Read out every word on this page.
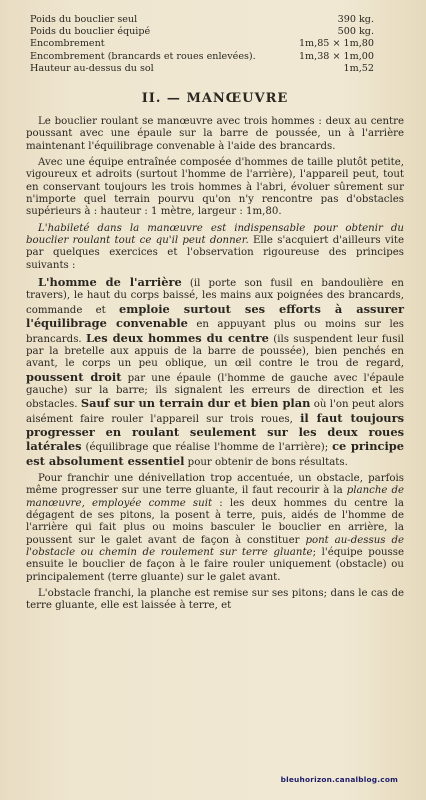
Poids du bouclier seul	390 kg.
Poids du bouclier équipé	500 kg.
Encombrement	1m,85 × 1m,80
Encombrement (brancards et roues enlevées).	1m,38 × 1m,00
Hauteur au-dessus du sol	1m,52
II. — MANŒUVRE

Le bouclier roulant se manœuvre avec trois hommes : deux au centre poussant avec une épaule sur la barre de poussée, un à l'arrière maintenant l'équilibrage convenable à l'aide des brancards.

Avec une équipe entraînée composée d'hommes de taille plutôt petite, vigoureux et adroits (surtout l'homme de l'arrière), l'appareil peut, tout en conservant toujours les trois hommes à l'abri, évoluer sûrement sur n'importe quel terrain pourvu qu'on n'y rencontre pas d'obstacles supérieurs à : hauteur : 1 mètre, largeur : 1m,80.

L'habileté dans la manœuvre est indispensable pour obtenir du bouclier roulant tout ce qu'il peut donner. Elle s'acquiert d'ailleurs vite par quelques exercices et l'observation rigoureuse des principes suivants :

L'homme de l'arrière (il porte son fusil en bandoulière en travers), le haut du corps baissé, les mains aux poignées des brancards, commande et emploie surtout ses efforts à assurer l'équilibrage convenable en appuyant plus ou moins sur les brancards. Les deux hommes du centre (ils suspendent leur fusil par la bretelle aux appuis de la barre de poussée), bien penchés en avant, le corps un peu oblique, un œil contre le trou de regard, poussent droit par une épaule (l'homme de gauche avec l'épaule gauche) sur la barre; ils signalent les erreurs de direction et les obstacles. Sauf sur un terrain dur et bien plan où l'on peut alors aisément faire rouler l'appareil sur trois roues, il faut toujours progresser en roulant seulement sur les deux roues latérales (équilibrage que réalise l'homme de l'arrière); ce principe est absolument essentiel pour obtenir de bons résultats.

Pour franchir une dénivellation trop accentuée, un obstacle, parfois même progresser sur une terre gluante, il faut recourir à la planche de manœuvre, employée comme suit : les deux hommes du centre la dégagent de ses pitons, la posent à terre, puis, aidés de l'homme de l'arrière qui fait plus ou moins basculer le bouclier en arrière, la poussent sur le galet avant de façon à constituer pont au-dessus de l'obstacle ou chemin de roulement sur terre gluante; l'équipe pousse ensuite le bouclier de façon à le faire rouler uniquement (obstacle) ou principalement (terre gluante) sur le galet avant.

L'obstacle franchi, la planche est remise sur ses pitons; dans le cas de terre gluante, elle est laissée à terre, et

bleuhorizon.canalblog.com
